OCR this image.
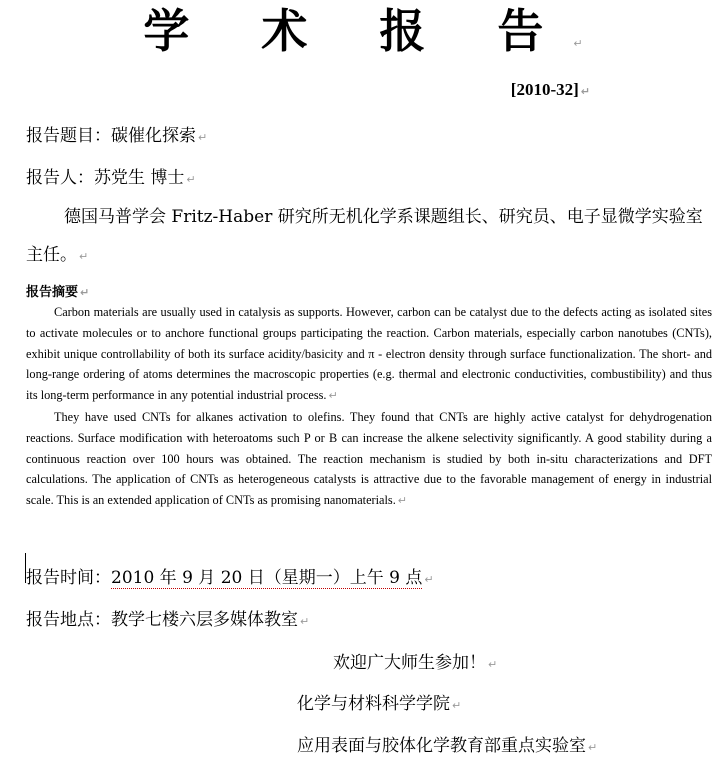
学 术 报 告 ↵
[2010-32] ↵
报告题目：碳催化探索 ↵
报告人：苏党生 博士 ↵
德国马普学会 Fritz-Haber 研究所无机化学系课题组长、研究员、电子显微学实验室主任。 ↵
报告摘要 ↵

Carbon materials are usually used in catalysis as supports. However, carbon can be catalyst due to the defects acting as isolated sites to activate molecules or to anchore functional groups participating the reaction. Carbon materials, especially carbon nanotubes (CNTs), exhibit unique controllability of both its surface acidity/basicity and π - electron density through surface functionalization. The short- and long-range ordering of atoms determines the macroscopic properties (e.g. thermal and electronic conductivities, combustibility) and thus its long-term performance in any potential industrial process. ↵

They have used CNTs for alkanes activation to olefins. They found that CNTs are highly active catalyst for dehydrogenation reactions. Surface modification with heteroatoms such P or B can increase the alkene selectivity significantly. A good stability during a continuous reaction over 100 hours was obtained. The reaction mechanism is studied by both in-situ characterizations and DFT calculations. The application of CNTs as heterogeneous catalysts is attractive due to the favorable management of energy in industrial scale. This is an extended application of CNTs as promising nanomaterials. ↵

报告时间：2010 年 9 月 20 日（星期一）上午 9 点 ↵
报告地点：教学七楼六层多媒体教室 ↵
欢迎广大师生参加！ ↵
化学与材料科学学院 ↵
应用表面与胶体化学教育部重点实验室 ↵
